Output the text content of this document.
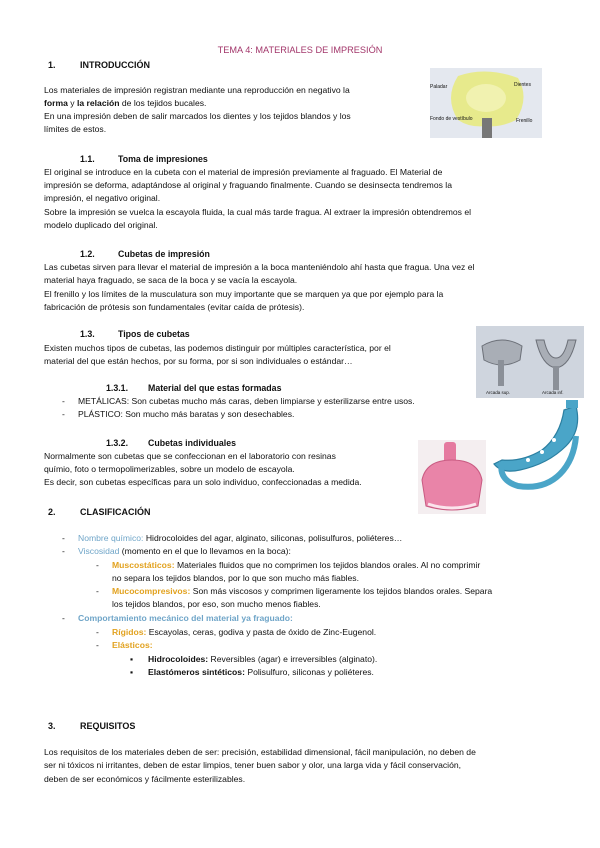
TEMA 4: MATERIALES DE IMPRESIÓN
1.	INTRODUCCIÓN
Los materiales de impresión registran mediante una reproducción en negativo la
forma y la relación de los tejidos bucales.
En una impresión deben de salir marcados los dientes y los tejidos blandos y los
límites de estos.
Paladar	Dientes
Fondo de vestíbulo	Frenillo
1.1.	Toma de impresiones
El original se introduce en la cubeta con el material de impresión previamente al fraguado. El Material de
impresión se deforma, adaptándose al original y fraguando finalmente. Cuando se desinsecta tendremos la
impresión, el negativo original.
Sobre la impresión se vuelca la escayola fluida, la cual más tarde fragua. Al extraer la impresión obtendremos el
modelo duplicado del original.
1.2.	Cubetas de impresión
Las cubetas sirven para llevar el material de impresión a la boca manteniéndolo ahí hasta que fragua. Una vez el
material haya fraguado, se saca de la boca y se vacía la escayola.
El frenillo y los límites de la musculatura son muy importante que se marquen ya que por ejemplo para la
fabricación de prótesis son fundamentales (evitar caída de prótesis).
1.3.	Tipos de cubetas
Existen muchos tipos de cubetas, las podemos distinguir por múltiples característica, por el
material del que están hechos, por su forma, por si son individuales o estándar…
Arcada sup.	Arcada inf.
1.3.1. Material del que estas formadas
- METÁLICAS: Son cubetas mucho más caras, deben limpiarse y esterilizarse entre usos.
- PLÁSTICO: Son mucho más baratas y son desechables.
1.3.2. Cubetas individuales
Normalmente son cubetas que se confeccionan en el laboratorio con resinas
químio, foto o termopolimerizables, sobre un modelo de escayola.
Es decir, son cubetas específicas para un solo individuo, confeccionadas a medida.
2.	CLASIFICACIÓN
- Nombre químico: Hidrocoloides del agar, alginato, siliconas, polisulfuros, poliéteres…
- Viscosidad (momento en el que lo llevamos en la boca):
- Muscostáticos: Materiales fluidos que no comprimen los tejidos blandos orales. Al no comprimir
no separa los tejidos blandos, por lo que son mucho más fiables.
- Mucocompresivos: Son más viscosos y comprimen ligeramente los tejidos blandos orales. Separa
los tejidos blandos, por eso, son mucho menos fiables.
- Comportamiento mecánico del material ya fraguado:
- Rígidos: Escayolas, ceras, godiva y pasta de óxido de Zinc-Eugenol.
- Elásticos:
▪ Hidrocoloides: Reversibles (agar) e irreversibles (alginato).
▪ Elastómeros sintéticos: Polisulfuro, siliconas y poliéteres.
3.	REQUISITOS
Los requisitos de los materiales deben de ser: precisión, estabilidad dimensional, fácil manipulación, no deben de
ser ni tóxicos ni irritantes, deben de estar limpios, tener buen sabor y olor, una larga vida y fácil conservación,
deben de ser económicos y fácilmente esterilizables.
